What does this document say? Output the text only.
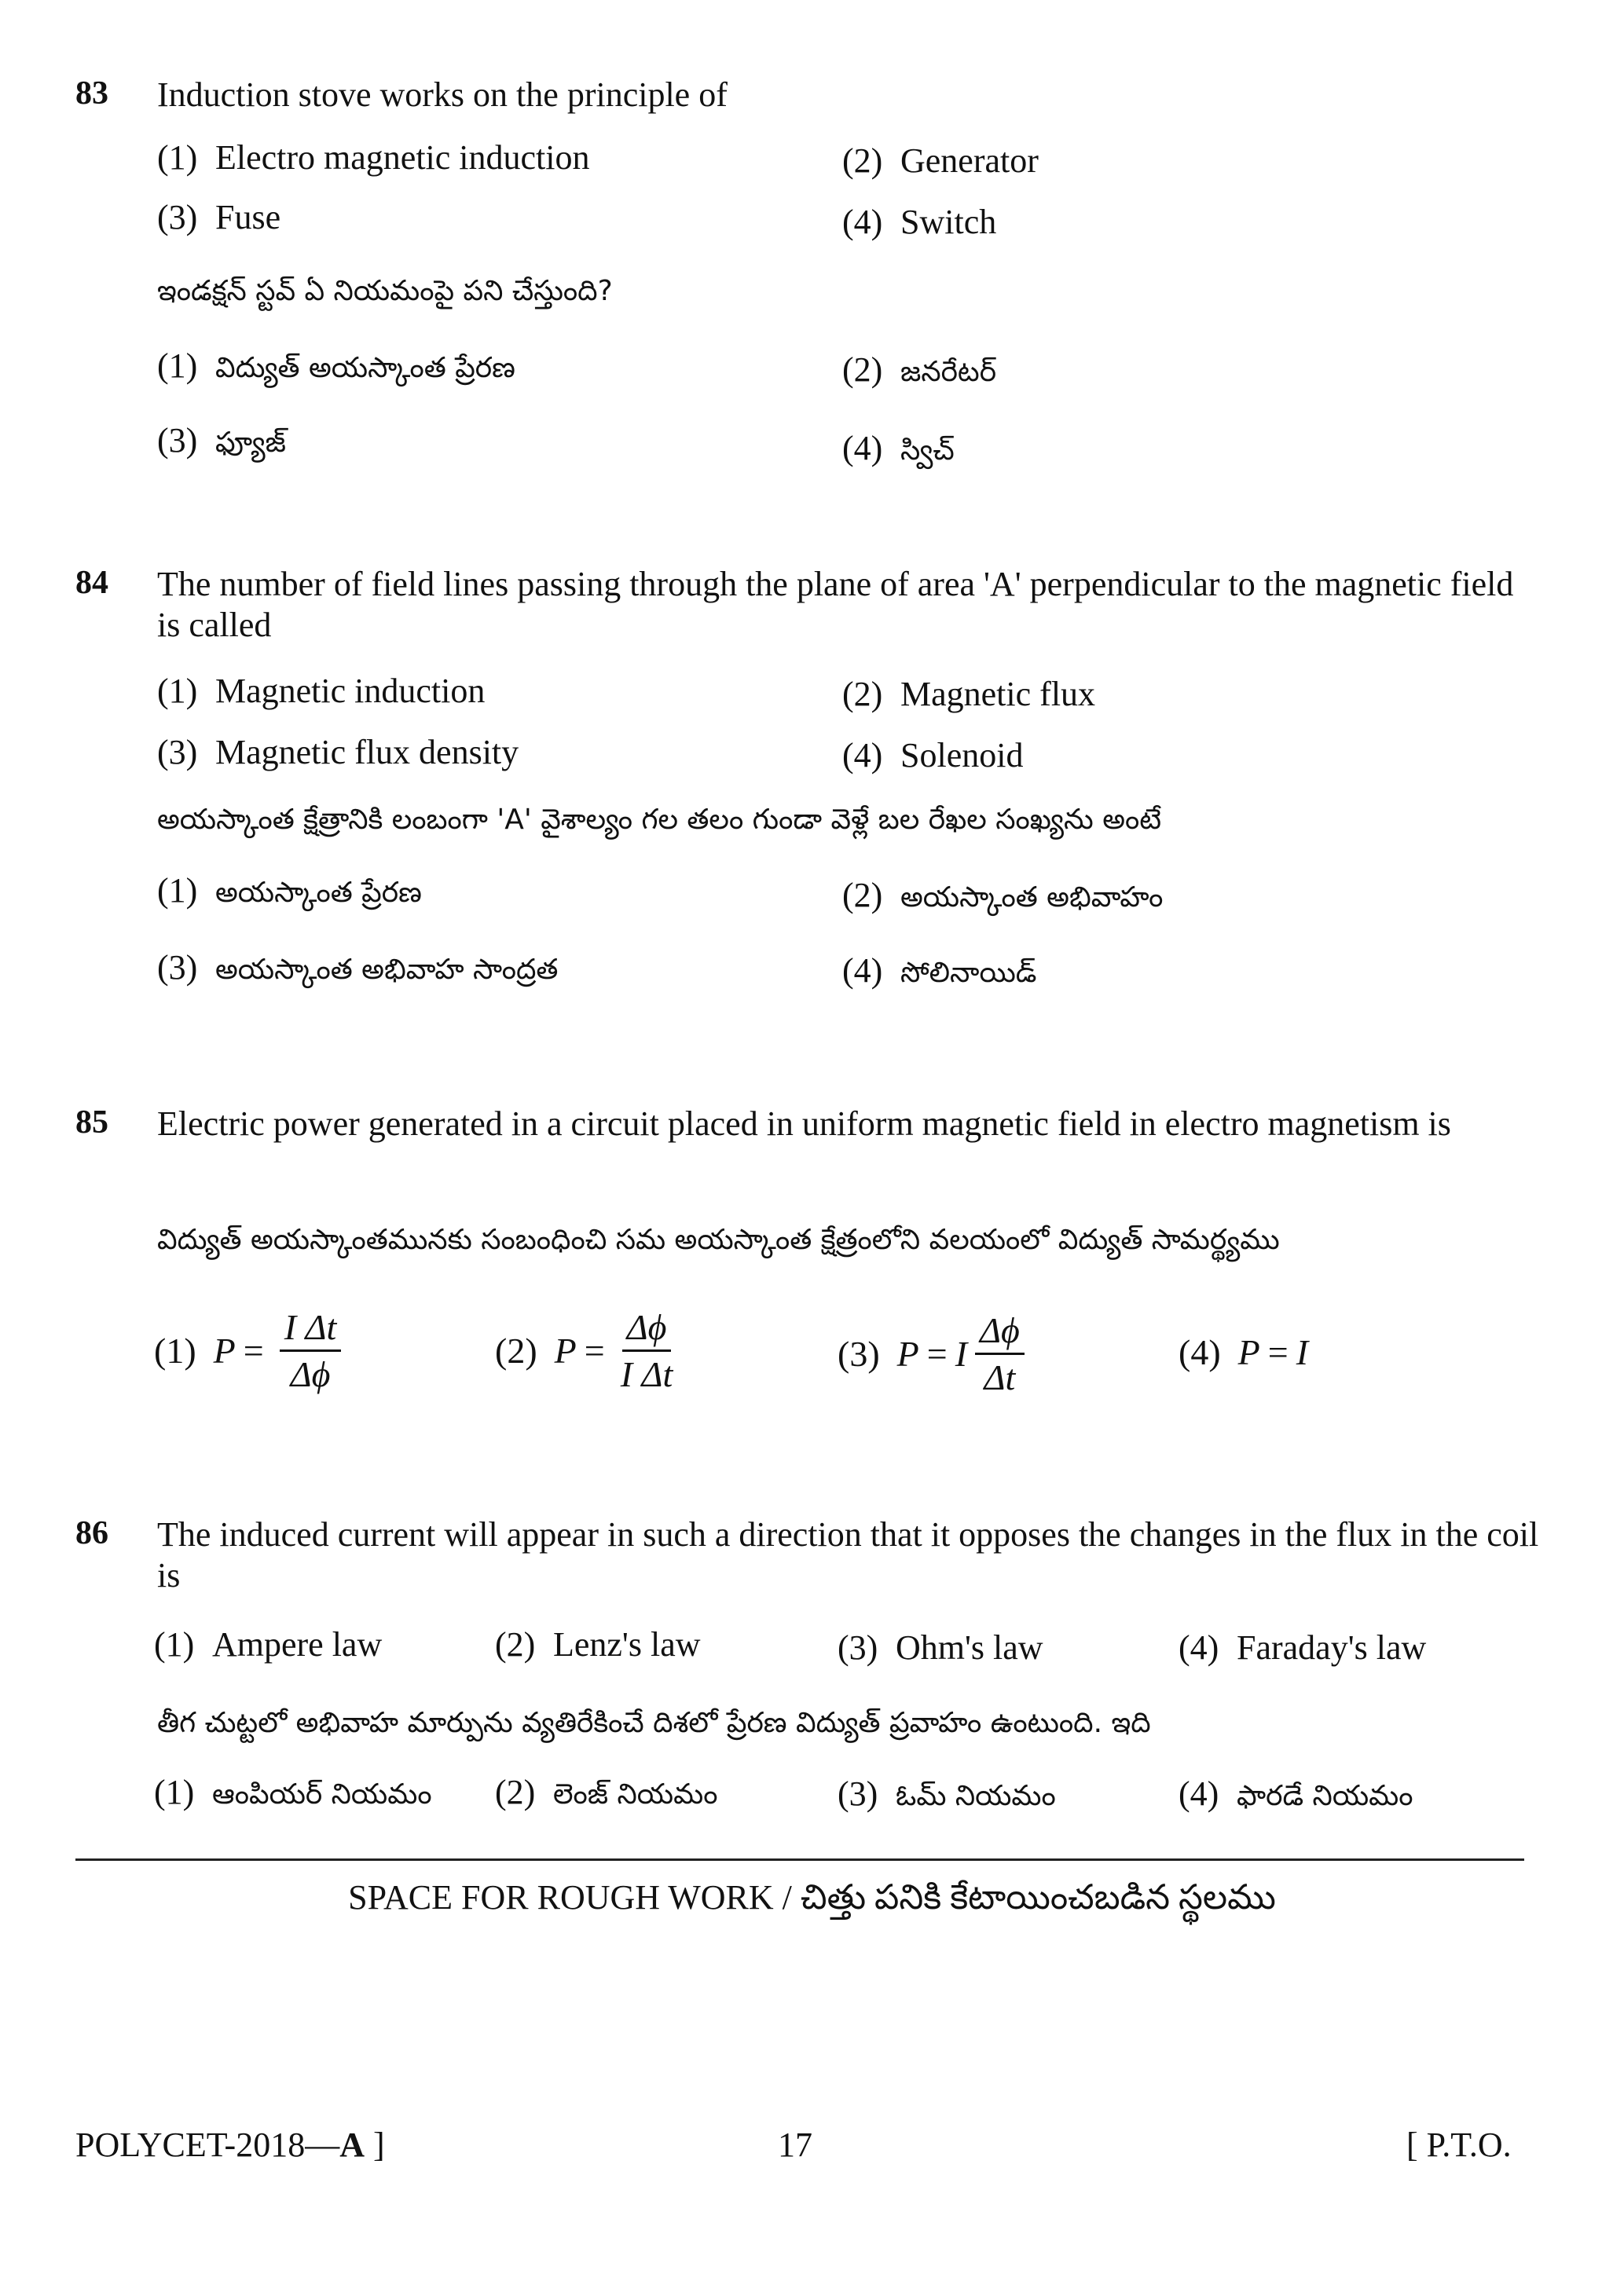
83 Induction stove works on the principle of
(1) Electro magnetic induction	(2) Generator
(3) Fuse	(4) Switch
ఇండక్షన్ స్టవ్ ఏ నియమంపై పని చేస్తుంది?
(1) విద్యుత్ అయస్కాంత ప్రేరణ	(2) జనరేటర్
(3) ఫ్యూజ్	(4) స్విచ్
84 The number of field lines passing through the plane of area 'A' perpendicular to the magnetic field is called
(1) Magnetic induction	(2) Magnetic flux
(3) Magnetic flux density	(4) Solenoid
అయస్కాంత క్షేత్రానికి లంబంగా 'A' వైశాల్యం గల తలం గుండా వెళ్లే బల రేఖల సంఖ్యను అంటే
(1) అయస్కాంత ప్రేరణ	(2) అయస్కాంత అభివాహం
(3) అయస్కాంత అభివాహ సాంద్రత	(4) సోలినాయిడ్
85 Electric power generated in a circuit placed in uniform magnetic field in electro magnetism is
విద్యుత్ అయస్కాంతమునకు సంబంధించి సమ అయస్కాంత క్షేత్రంలోని వలయంలో విద్యుత్ సామర్థ్యము
(1) $P = \frac{\text{I Δt}}{\Delta\phi}$	(2) $P = \frac{\Delta\phi}{\text{I Δt}}$	(3) P = I $\frac{\Delta\phi}{\Delta t}$	(4) P = I
86 The induced current will appear in such a direction that it opposes the changes in the flux in the coil is
(1) Ampere law	(2) Lenz's law	(3) Ohm's law	(4) Faraday's law
తీగ చుట్టలో అభివాహ మార్పును వ్యతిరేకించే దిశలో ప్రేరణ విద్యుత్ ప్రవాహం ఉంటుంది. ఇది
(1) ఆంపియర్ నియమం (2) లెంజ్ నియమం	(3) ఓమ్ నియమం	(4) ఫారడే నియమం
SPACE FOR ROUGH WORK / చిత్తు పనికి కేటాయించబడిన స్థలము
POLYCET-2018—A ]	17	[ P.T.O.
